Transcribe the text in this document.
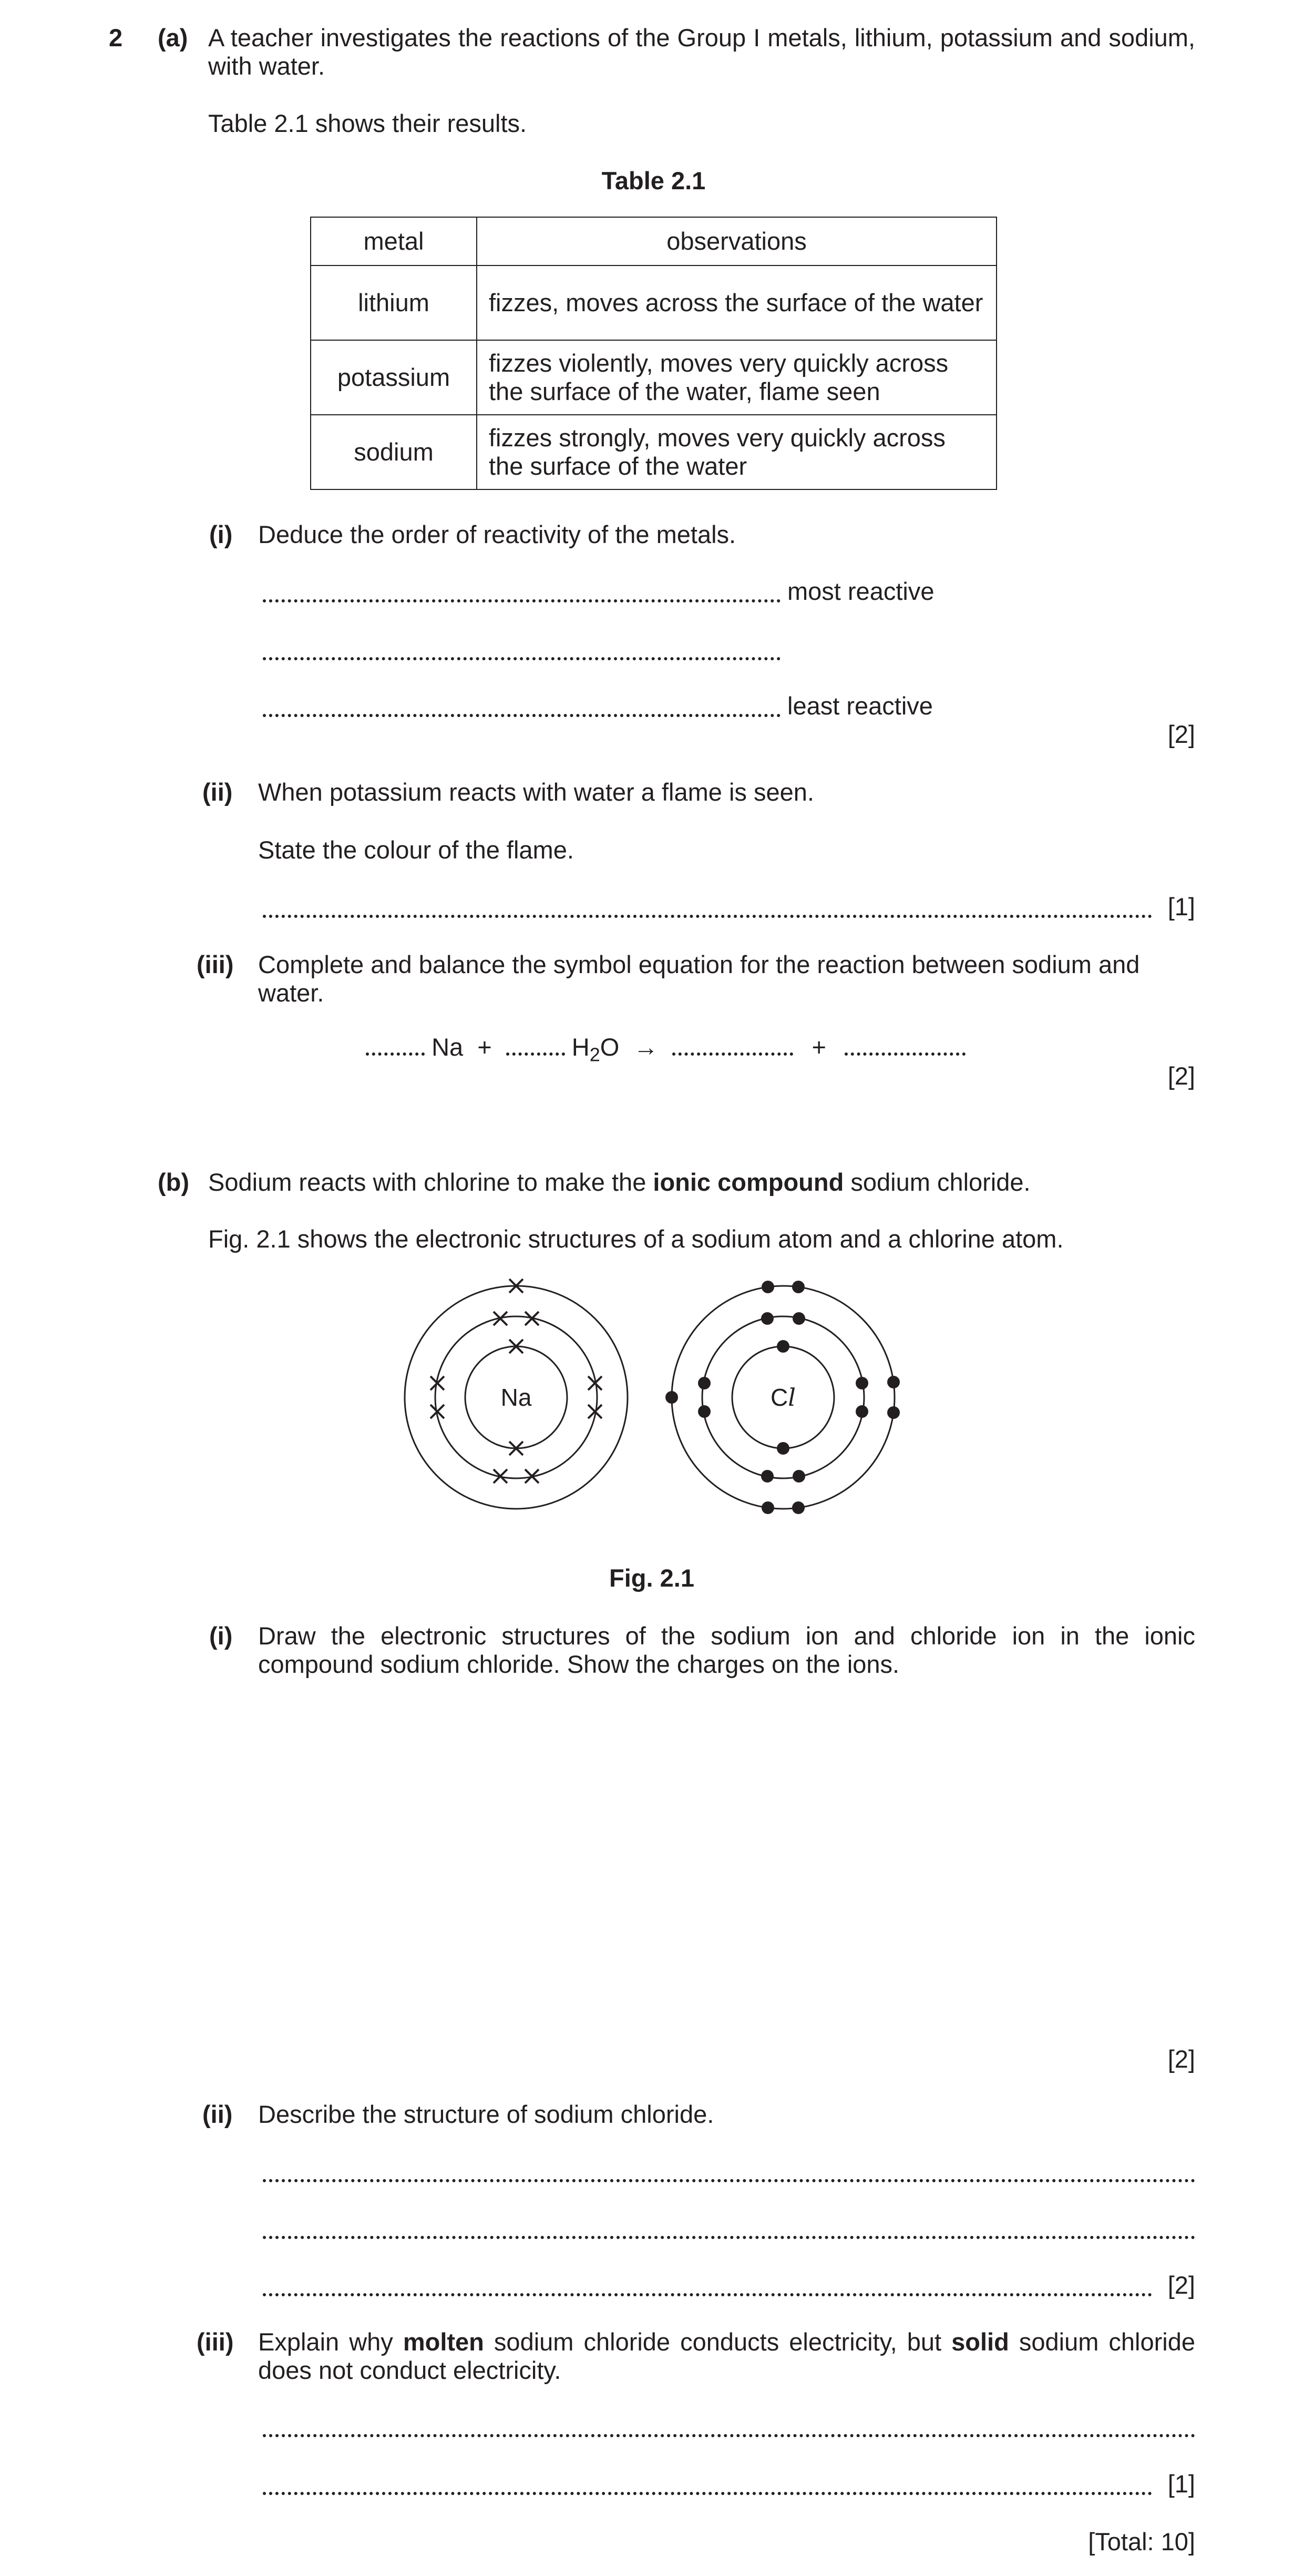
2 (a) A teacher investigates the reactions of the Group I metals, lithium, potassium and sodium, with water.
Table 2.1 shows their results.
Table 2.1
metal	observations
lithium	fizzes, moves across the surface of the water
potassium	fizzes violently, moves very quickly across the surface of the water, flame seen
sodium	fizzes strongly, moves very quickly across the surface of the water
(i) Deduce the order of reactivity of the metals.
most reactive
least reactive
[2]
(ii) When potassium reacts with water a flame is seen.
State the colour of the flame.
[1]
(iii) Complete and balance the symbol equation for the reaction between sodium and water.
Na +	$H_2O$ →	+
[2]
(b) Sodium reacts with chlorine to make the ionic compound sodium chloride.
Fig. 2.1 shows the electronic structures of a sodium atom and a chlorine atom.
Na	Cl
Fig. 2.1
(i) Draw the electronic structures of the sodium ion and chloride ion in the ionic compound sodium chloride. Show the charges on the ions.
[2]
(ii) Describe the structure of sodium chloride.
[2]
(iii) Explain why molten sodium chloride conducts electricity, but solid sodium chloride does not conduct electricity.
[1]
[Total: 10]
